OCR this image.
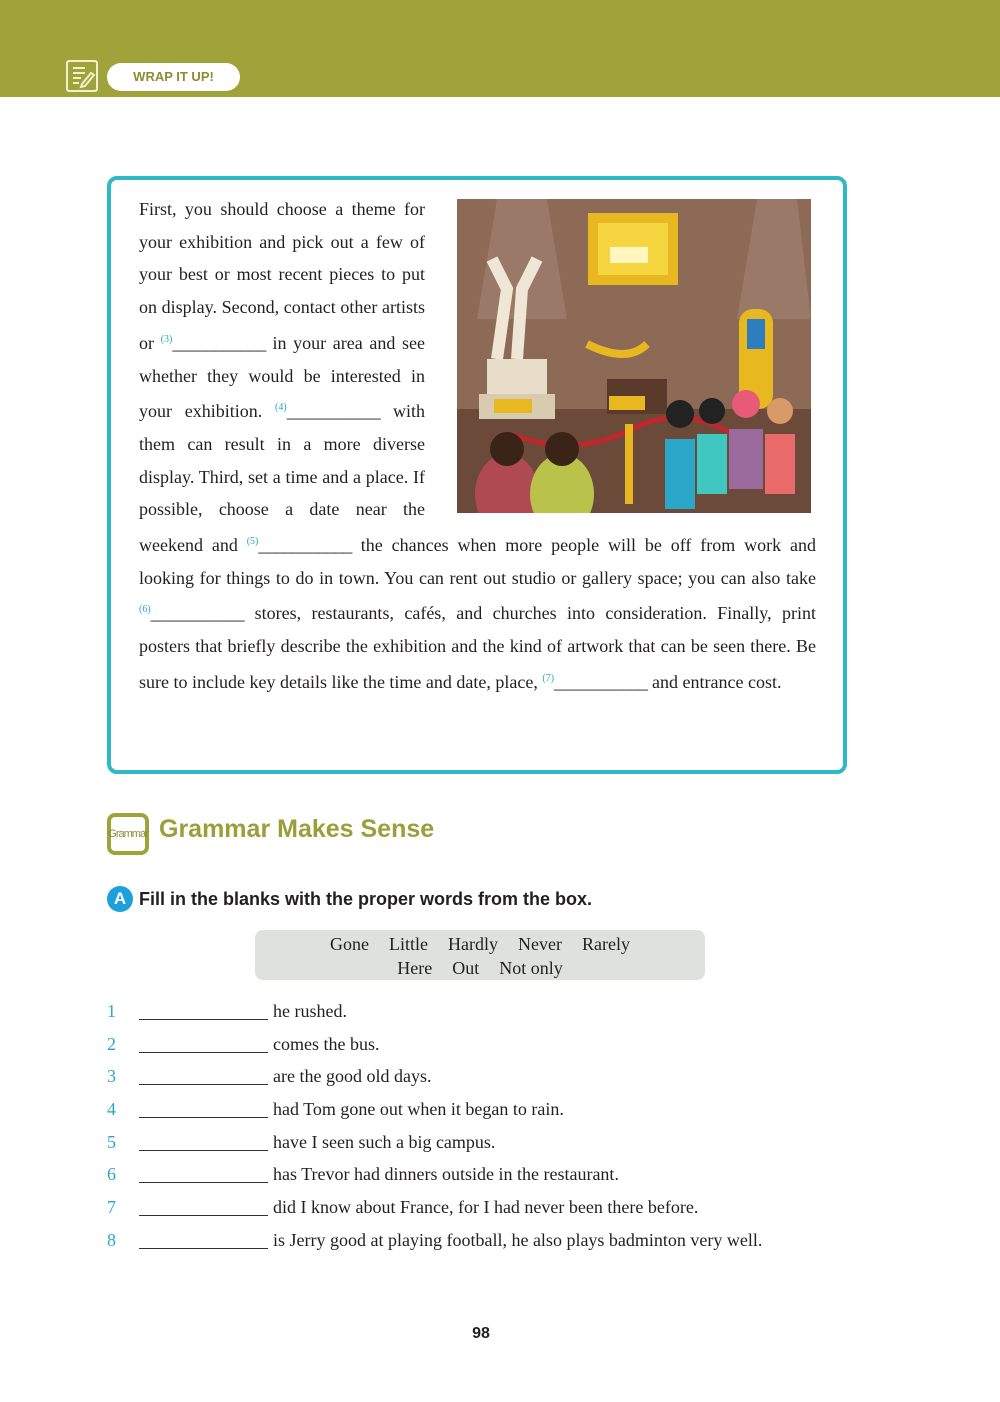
WRAP IT UP!
First, you should choose a theme for your exhibition and pick out a few of your best or most recent pieces to put on display. Second, contact other artists or $^{(3)}$___________ in your area and see whether they would be interested in your exhibition. $^{(4)}$___________ with them can result in a more diverse display. Third, set a time and a place. If possible, choose a date near the weekend and $^{(5)}$___________ the chances when more people will be off from work and looking for things to do in town. You can rent out studio or gallery space; you can also take $^{(6)}$___________ stores, restaurants, cafés, and churches into consideration. Finally, print posters that briefly describe the exhibition and the kind of artwork that can be seen there. Be sure to include key details like the time and date, place, $^{(7)}$___________ and entrance cost.
Grammar Grammar Makes Sense
A Fill in the blanks with the proper words from the box.
Gone Little Hardly Never Rarely
Here Out Not only
1	he rushed.
2	comes the bus.
3	are the good old days.
4	had Tom gone out when it began to rain.
5	have I seen such a big campus.
6	has Trevor had dinners outside in the restaurant.
7	did I know about France, for I had never been there before.
8	is Jerry good at playing football, he also plays badminton very well.
98
